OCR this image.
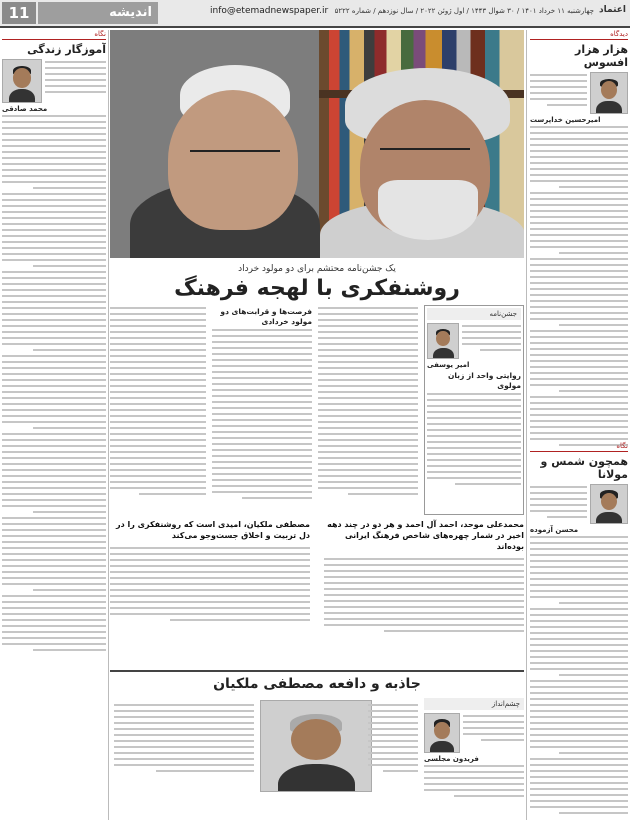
11	اندیشه	info@etemadnewspaper.ir چهارشنبه ۱۱ خرداد ۱۴۰۱ / ۳۰ شوال ۱۴۴۳ / اول ژوئن ۲۰۲۲ / سال نوزدهم / شماره ۵۲۲۲ اعتماد
دیدگاه
هزار هزار افسوس
امیرحسین خداپرست
نگاه
همچون شمس و مولانا
محسن آزموده
نگاه
آموزگار زندگی
محمد صادقی
یک جشن‌نامه محتشم برای دو مولود خرداد
روشنفکری با لهجه فرهنگ
جشن‌نامه
امیر یوسفی
روایتی واحد از زبان مولوی
فرصت‌ها و قرابت‌های دو مولود خردادی
محمدعلی موحد، احمد آل احمد و هر دو در چند دهه اخیر در شمار چهره‌های شاخص فرهنگ ایرانی بوده‌اند
مصطفی ملکیان، امیدی است که روشنفکری را در دل تربیت و اخلاق جست‌وجو می‌کند
جاذبه و دافعه مصطفی ملکیان
چشم‌انداز
فریدون مجلسی
